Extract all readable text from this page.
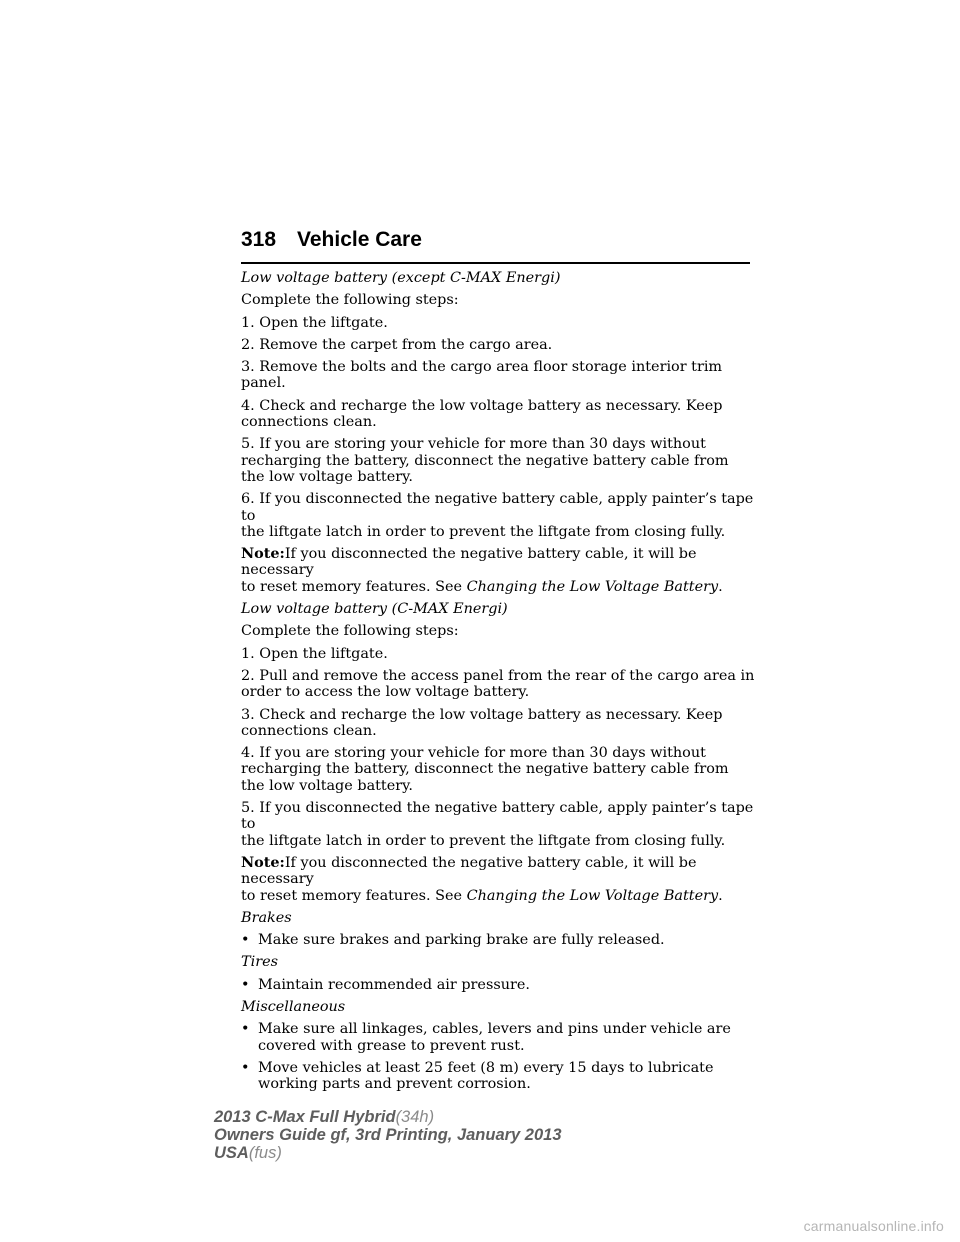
318 Vehicle Care

Low voltage battery (except C-MAX Energi)

Complete the following steps:

1. Open the liftgate.

2. Remove the carpet from the cargo area.

3. Remove the bolts and the cargo area floor storage interior trim panel.

4. Check and recharge the low voltage battery as necessary. Keep
connections clean.

5. If you are storing your vehicle for more than 30 days without
recharging the battery, disconnect the negative battery cable from
the low voltage battery.

6. If you disconnected the negative battery cable, apply painter’s tape to
the liftgate latch in order to prevent the liftgate from closing fully.

Note:If you disconnected the negative battery cable, it will be necessary
to reset memory features. See Changing the Low Voltage Battery.

Low voltage battery (C-MAX Energi)

Complete the following steps:

1. Open the liftgate.

2. Pull and remove the access panel from the rear of the cargo area in
order to access the low voltage battery.

3. Check and recharge the low voltage battery as necessary. Keep
connections clean.

4. If you are storing your vehicle for more than 30 days without
recharging the battery, disconnect the negative battery cable from
the low voltage battery.

5. If you disconnected the negative battery cable, apply painter’s tape to
the liftgate latch in order to prevent the liftgate from closing fully.

Note:If you disconnected the negative battery cable, it will be necessary
to reset memory features. See Changing the Low Voltage Battery.

Brakes

• Make sure brakes and parking brake are fully released.

Tires

• Maintain recommended air pressure.

Miscellaneous

• Make sure all linkages, cables, levers and pins under vehicle are
covered with grease to prevent rust.
• Move vehicles at least 25 feet (8 m) every 15 days to lubricate
working parts and prevent corrosion.
2013 C-Max Full Hybrid(34h)
Owners Guide gf, 3rd Printing, January 2013
USA(fus)
carmanualsonline.info
